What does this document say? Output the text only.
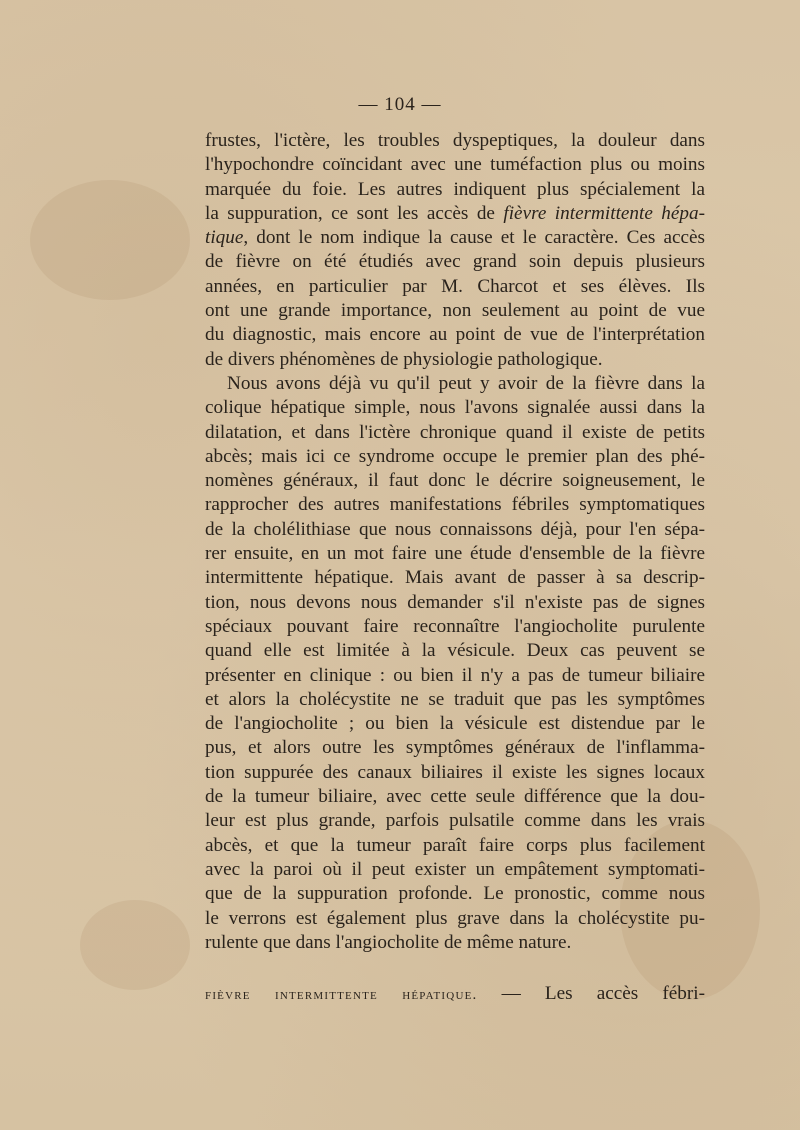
— 104 —
frustes, l'ictère, les troubles dyspeptiques, la douleur dans
l'hypochondre coïncidant avec une tuméfaction plus ou moins
marquée du foie. Les autres indiquent plus spécialement la
la suppuration, ce sont les accès de fièvre intermittente hépa-
tique, dont le nom indique la cause et le caractère. Ces accès
de fièvre on été étudiés avec grand soin depuis plusieurs
années, en particulier par M. Charcot et ses élèves. Ils
ont une grande importance, non seulement au point de vue
du diagnostic, mais encore au point de vue de l'interprétation
de divers phénomènes de physiologie pathologique.
Nous avons déjà vu qu'il peut y avoir de la fièvre dans la
colique hépatique simple, nous l'avons signalée aussi dans la
dilatation, et dans l'ictère chronique quand il existe de petits
abcès; mais ici ce syndrome occupe le premier plan des phé-
nomènes généraux, il faut donc le décrire soigneusement, le
rapprocher des autres manifestations fébriles symptomatiques
de la cholélithiase que nous connaissons déjà, pour l'en sépa-
rer ensuite, en un mot faire une étude d'ensemble de la fièvre
intermittente hépatique. Mais avant de passer à sa descrip-
tion, nous devons nous demander s'il n'existe pas de signes
spéciaux pouvant faire reconnaître l'angiocholite purulente
quand elle est limitée à la vésicule. Deux cas peuvent se
présenter en clinique : ou bien il n'y a pas de tumeur biliaire
et alors la cholécystite ne se traduit que pas les symptômes
de l'angiocholite ; ou bien la vésicule est distendue par le
pus, et alors outre les symptômes généraux de l'inflamma-
tion suppurée des canaux biliaires il existe les signes locaux
de la tumeur biliaire, avec cette seule différence que la dou-
leur est plus grande, parfois pulsatile comme dans les vrais
abcès, et que la tumeur paraît faire corps plus facilement
avec la paroi où il peut exister un empâtement symptomati-
que de la suppuration profonde. Le pronostic, comme nous
le verrons est également plus grave dans la cholécystite pu-
rulente que dans l'angiocholite de même nature.
fièvre intermittente hépatique. — Les accès fébri-
